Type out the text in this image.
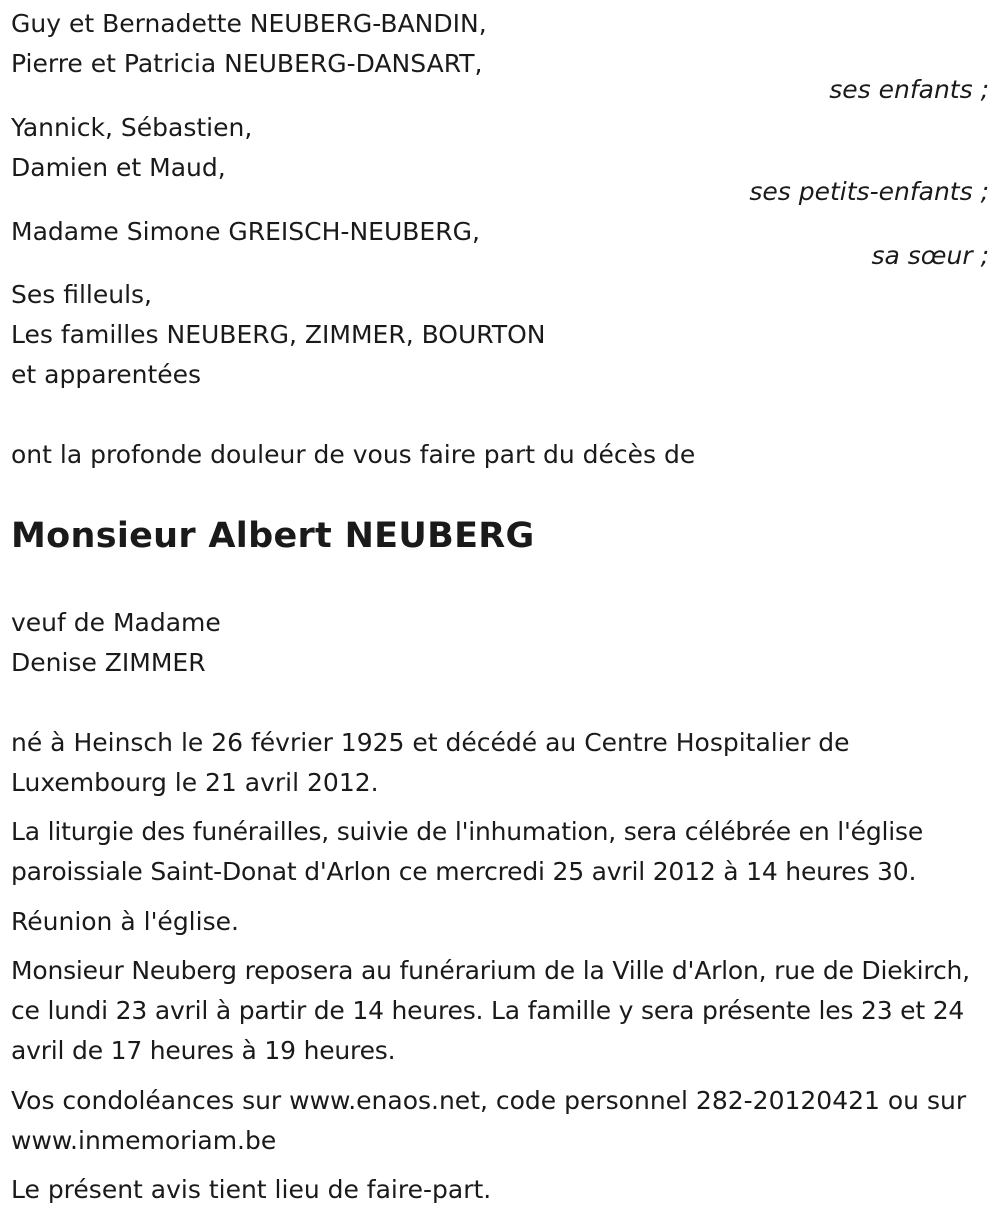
Guy et Bernadette NEUBERG-BANDIN,
Pierre et Patricia NEUBERG-DANSART,
ses enfants ;
Yannick, Sébastien,
Damien et Maud,
ses petits-enfants ;
Madame Simone GREISCH-NEUBERG,
sa sœur ;
Ses filleuls,
Les familles NEUBERG, ZIMMER, BOURTON
et apparentées
ont la profonde douleur de vous faire part du décès de
Monsieur Albert NEUBERG
veuf de Madame
Denise ZIMMER
né à Heinsch le 26 février 1925 et décédé au Centre Hospitalier de Luxembourg le 21 avril 2012.
La liturgie des funérailles, suivie de l'inhumation, sera célébrée en l'église paroissiale Saint-Donat d'Arlon ce mercredi 25 avril 2012 à 14 heures 30.
Réunion à l'église.
Monsieur Neuberg reposera au funérarium de la Ville d'Arlon, rue de Diekirch, ce lundi 23 avril à partir de 14 heures. La famille y sera présente les 23 et 24 avril de 17 heures à 19 heures.
Vos condoléances sur www.enaos.net, code personnel 282-20120421 ou sur www.inmemoriam.be
Le présent avis tient lieu de faire-part.
